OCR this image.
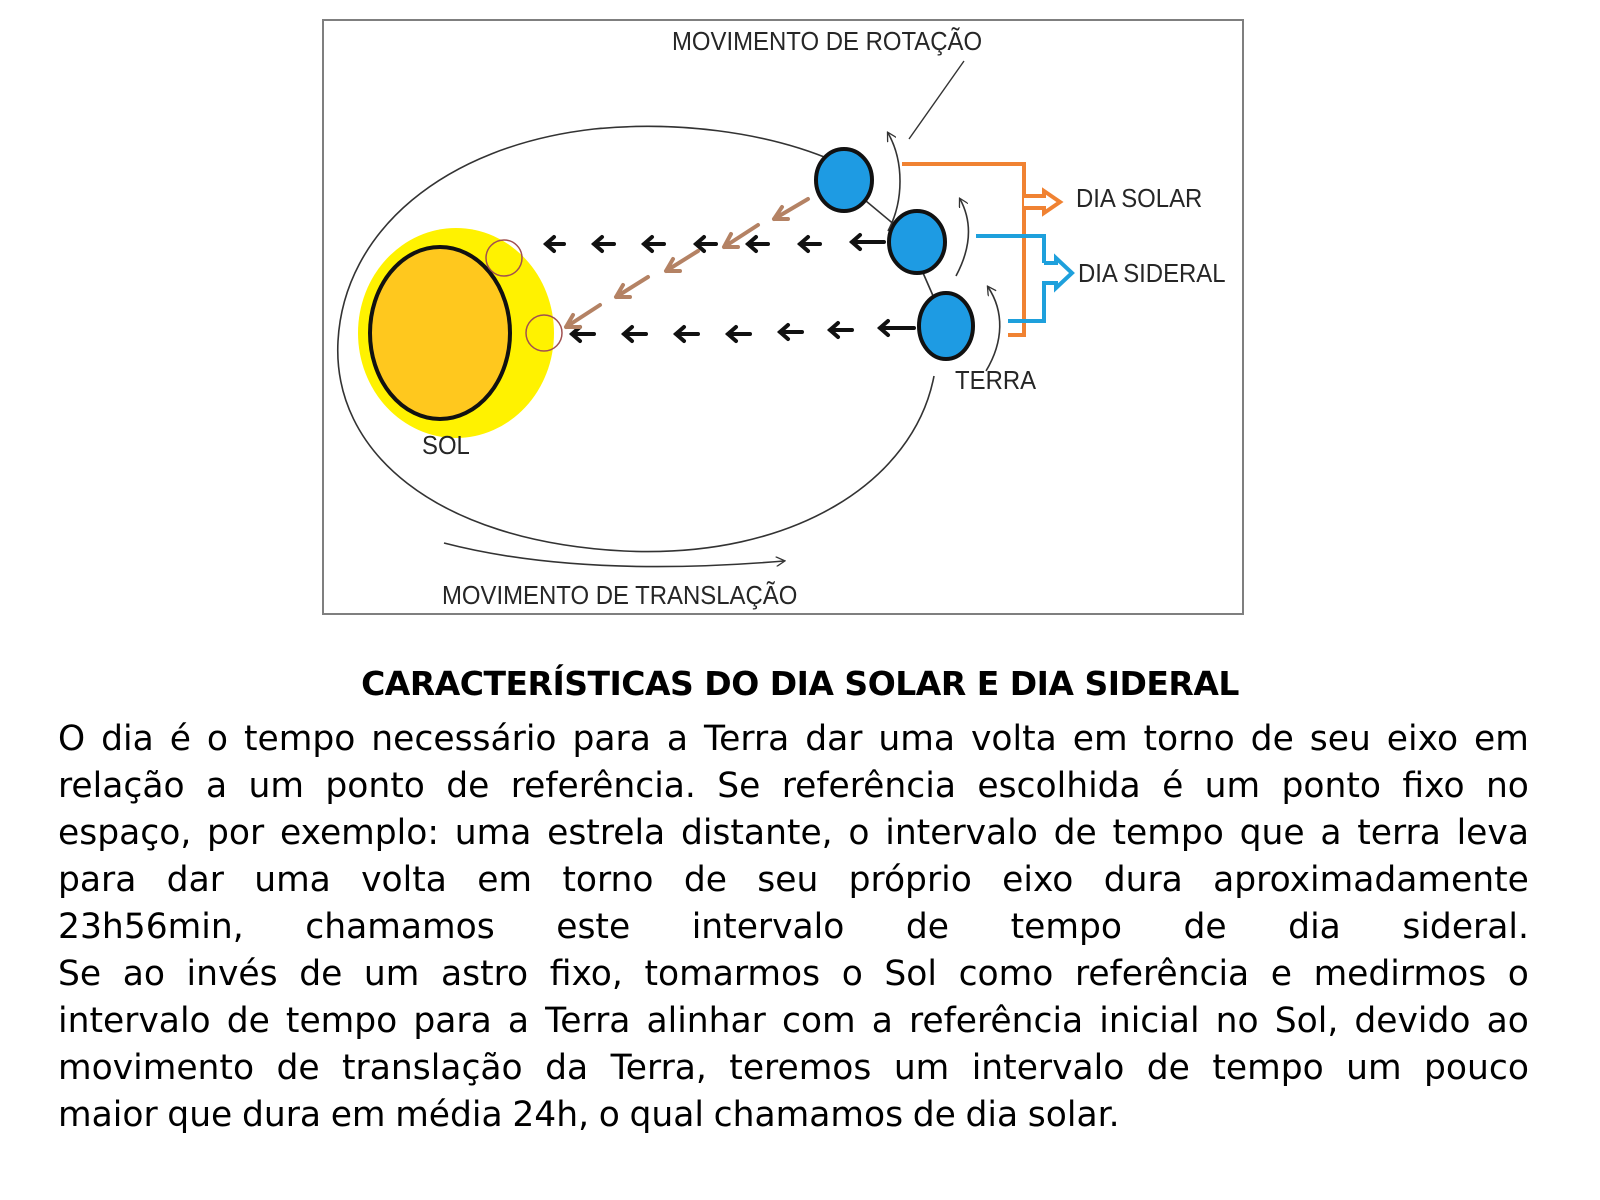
MOVIMENTO DE ROTAÇÃO
DIA SOLAR
DIA SIDERAL
TERRA
SOL
MOVIMENTO DE TRANSLAÇÃO
CARACTERÍSTICAS DO DIA SOLAR E DIA SIDERAL
O dia é o tempo necessário para a Terra dar uma volta em torno de seu eixo em
relação a um ponto de referência. Se referência escolhida é um ponto fixo no
espaço, por exemplo: uma estrela distante, o intervalo de tempo que a terra leva
para dar uma volta em torno de seu próprio eixo dura aproximadamente
23h56min, chamamos este intervalo de tempo de dia sideral.
Se ao invés de um astro fixo, tomarmos o Sol como referência e medirmos o
intervalo de tempo para a Terra alinhar com a referência inicial no Sol, devido ao
movimento de translação da Terra, teremos um intervalo de tempo um pouco
maior que dura em média 24h, o qual chamamos de dia solar.
